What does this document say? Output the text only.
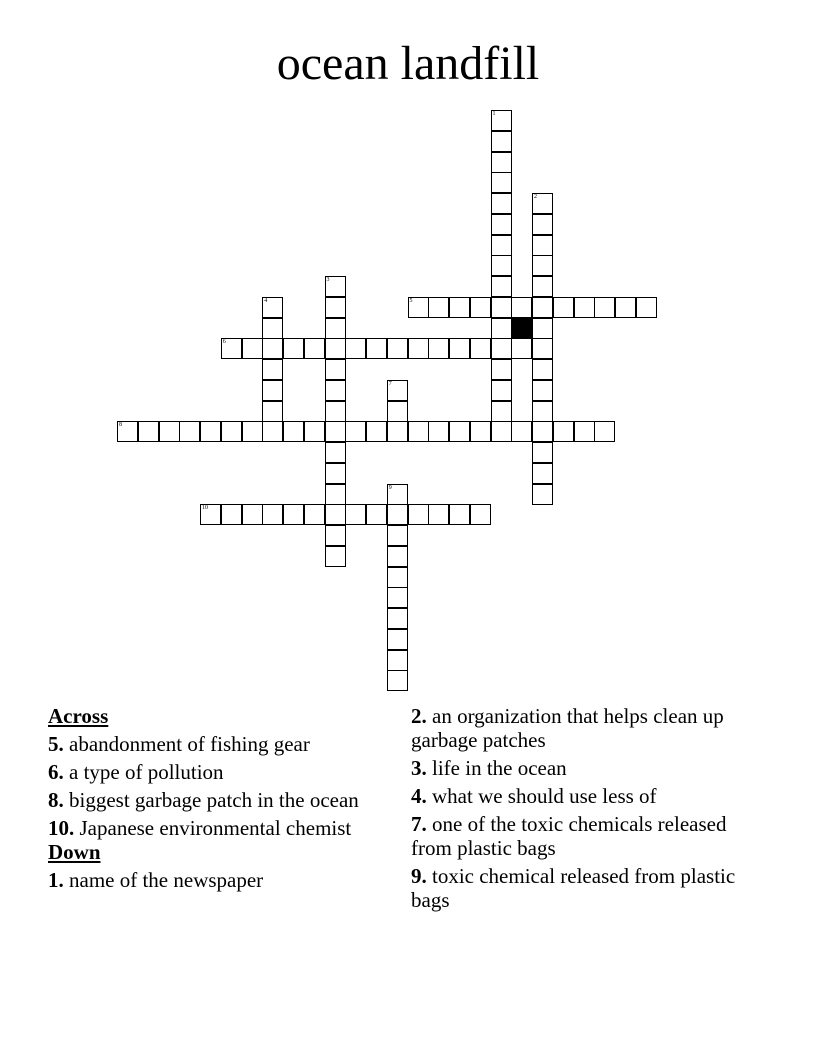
ocean landfill
1
2
3
4	5
6
7
8
9
10
Across
5. abandonment of fishing gear
6. a type of pollution
8. biggest garbage patch in the ocean
10. Japanese environmental chemist
Down
1. name of the newspaper
2. an organization that helps clean up garbage patches
3. life in the ocean
4. what we should use less of
7. one of the toxic chemicals released from plastic bags
9. toxic chemical released from plastic bags
